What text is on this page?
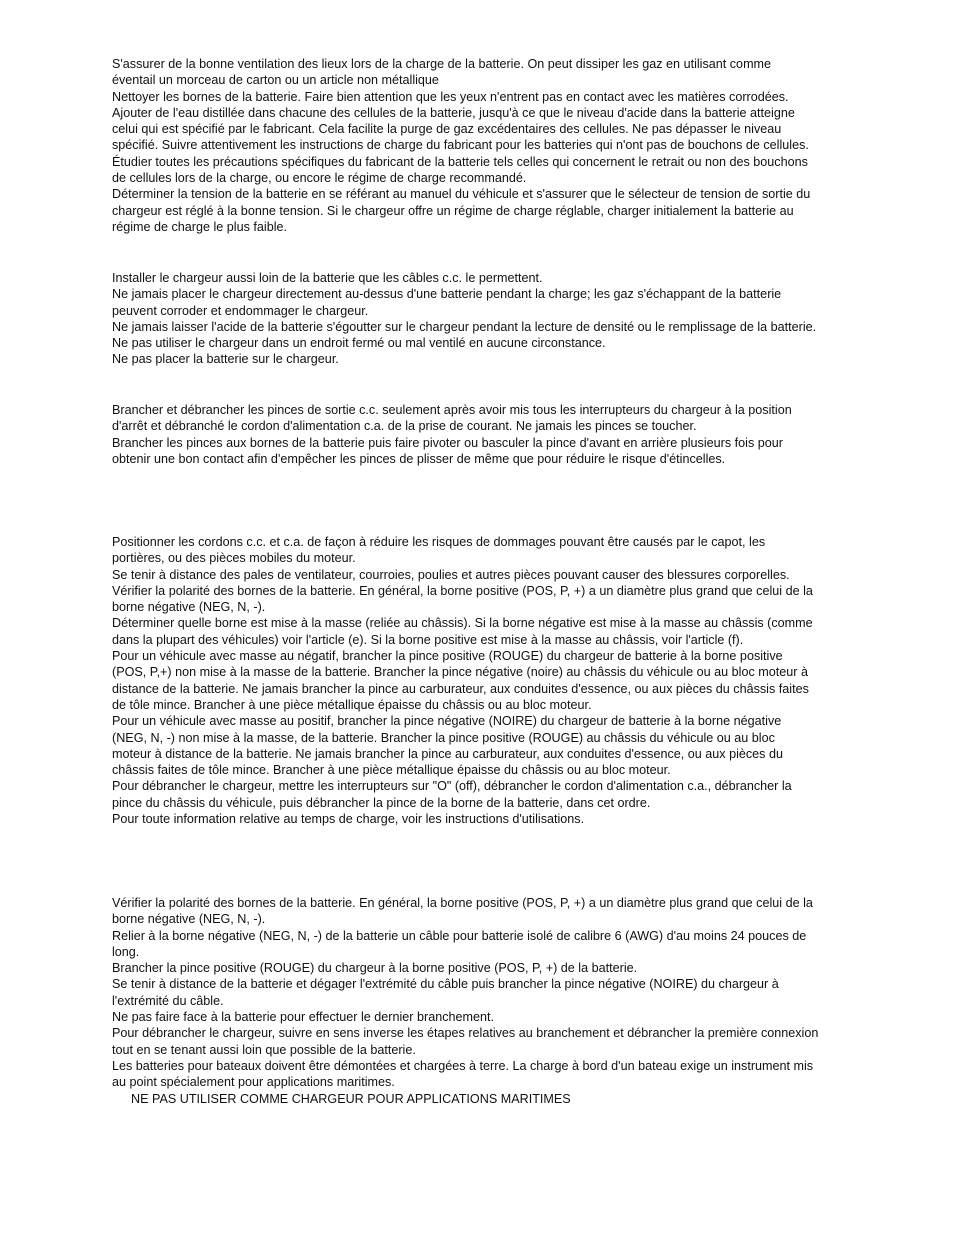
S'assurer de la bonne ventilation des lieux lors de la charge de la batterie. On peut dissiper les gaz en utilisant comme

éventail un morceau de carton ou un article non métallique

Nettoyer les bornes de la batterie. Faire bien attention que les yeux n'entrent pas en contact avec les matières corrodées.

Ajouter de l'eau distillée dans chacune des cellules de la batterie, jusqu'à ce que le niveau d'acide dans la batterie atteigne

celui qui est spécifié par le fabricant. Cela facilite la purge de gaz excédentaires des cellules. Ne pas dépasser le niveau

spécifié. Suivre attentivement les instructions de charge du fabricant pour les batteries qui n'ont pas de bouchons de cellules.

Étudier toutes les précautions spécifiques du fabricant de la batterie tels celles qui concernent le retrait ou non des bouchons

de cellules lors de la charge, ou encore le régime de charge recommandé.

Déterminer la tension de la batterie en se référant au manuel du véhicule et s'assurer que le sélecteur de tension de sortie du

chargeur est réglé à la bonne tension. Si le chargeur offre un régime de charge réglable, charger initialement la batterie au

régime de charge le plus faible.

Installer le chargeur aussi loin de la batterie que les câbles c.c. le permettent.

Ne jamais placer le chargeur directement au-dessus d'une batterie pendant la charge; les gaz s'échappant de la batterie

peuvent corroder et endommager le chargeur.

Ne jamais laisser l'acide de la batterie s'égoutter sur le chargeur pendant la lecture de densité ou le remplissage de la batterie.

Ne pas utiliser le chargeur dans un endroit fermé ou mal ventilé en aucune circonstance.

Ne pas placer la batterie sur le chargeur.

Brancher et débrancher les pinces de sortie c.c. seulement après avoir mis tous les interrupteurs du chargeur à la position

d'arrêt et débranché le cordon d'alimentation c.a. de la prise de courant. Ne jamais les pinces se toucher.

Brancher les pinces aux bornes de la batterie puis faire pivoter ou basculer la pince d'avant en arrière plusieurs fois pour

obtenir une bon contact afin d'empêcher les pinces de plisser de même que pour réduire le risque d'étincelles.

Positionner les cordons c.c. et c.a. de façon à réduire les risques de dommages pouvant être causés par le capot, les

portières, ou des pièces mobiles du moteur.

Se tenir à distance des pales de ventilateur, courroies, poulies et autres pièces pouvant causer des blessures corporelles.

Vérifier la polarité des bornes de la batterie. En général, la borne positive (POS, P, +) a un diamètre plus grand que celui de la

borne négative (NEG, N, -).

Déterminer quelle borne est mise à la masse (reliée au châssis). Si la borne négative est mise à la masse au châssis (comme

dans la plupart des véhicules) voir l'article (e). Si la borne positive est mise à la masse au châssis, voir l'article (f).

Pour un véhicule avec masse au négatif, brancher la pince positive (ROUGE) du chargeur de batterie à la borne positive

(POS, P,+) non mise à la masse de la batterie. Brancher la pince négative (noire) au châssis du véhicule ou au bloc moteur à

distance de la batterie. Ne jamais brancher la pince au carburateur, aux conduites d'essence, ou aux pièces du châssis faites

de tôle mince. Brancher à une pièce métallique épaisse du châssis ou au bloc moteur.

Pour un véhicule avec masse au positif, brancher la pince négative (NOIRE) du chargeur de batterie à la borne négative

(NEG, N, -) non mise à la masse, de la batterie. Brancher la pince positive (ROUGE) au châssis du véhicule ou au bloc

moteur à distance de la batterie. Ne jamais brancher la pince au carburateur, aux conduites d'essence, ou aux pièces du

châssis faites de tôle mince. Brancher à une pièce métallique épaisse du châssis ou au bloc moteur.

Pour débrancher le chargeur, mettre les interrupteurs sur "O" (off), débrancher le cordon d'alimentation c.a., débrancher la

pince du châssis du véhicule, puis débrancher la pince de la borne de la batterie, dans cet ordre.

Pour toute information relative au temps de charge, voir les instructions d'utilisations.

Vérifier la polarité des bornes de la batterie. En général, la borne positive (POS, P, +) a un diamètre plus grand que celui de la

borne négative (NEG, N, -).

Relier à la borne négative (NEG, N, -) de la batterie un câble pour batterie isolé de calibre 6 (AWG) d'au moins 24 pouces de

long.

Brancher la pince positive (ROUGE) du chargeur à la borne positive (POS, P, +) de la batterie.

Se tenir à distance de la batterie et dégager l'extrémité du câble puis brancher la pince négative (NOIRE) du chargeur à

l'extrémité du câble.

Ne pas faire face à la batterie pour effectuer le dernier branchement.

Pour débrancher le chargeur, suivre en sens inverse les étapes relatives au branchement et débrancher la première connexion

tout en se tenant aussi loin que possible de la batterie.

Les batteries pour bateaux doivent être démontées et chargées à terre. La charge à bord d'un bateau exige un instrument mis

au point spécialement pour applications maritimes.

NE PAS UTILISER COMME CHARGEUR POUR APPLICATIONS MARITIMES
